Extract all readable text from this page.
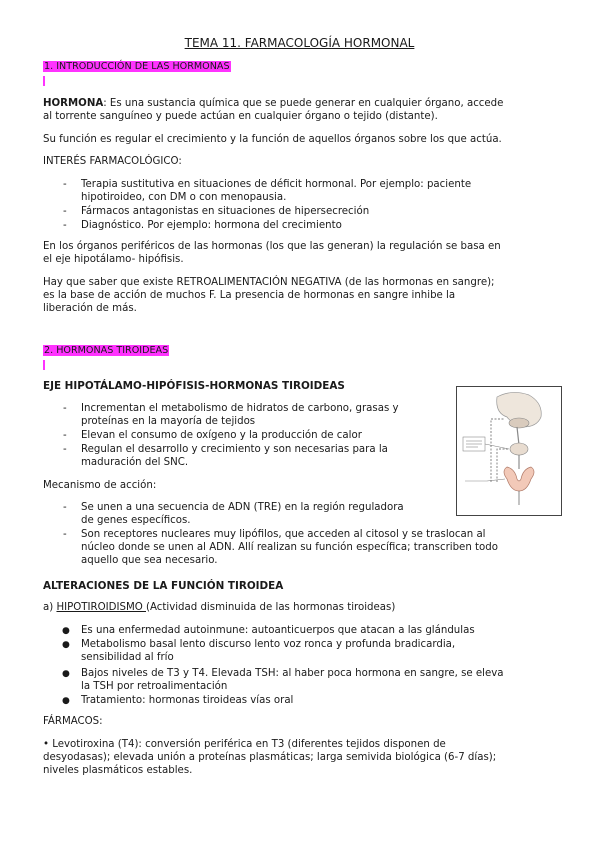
TEMA 11. FARMACOLOGÍA HORMONAL
1. INTRODUCCIÓN DE LAS HORMONAS
HORMONA: Es una sustancia química que se puede generar en cualquier órgano, accede
al torrente sanguíneo y puede actúan en cualquier órgano o tejido (distante).
Su función es regular el crecimiento y la función de aquellos órganos sobre los que actúa.
INTERÉS FARMACOLÓGICO:
- Terapia sustitutiva en situaciones de déficit hormonal. Por ejemplo: paciente
hipotiroideo, con DM o con menopausia.
- Fármacos antagonistas en situaciones de hipersecreción
- Diagnóstico. Por ejemplo: hormona del crecimiento
En los órganos periféricos de las hormonas (los que las generan) la regulación se basa en
el eje hipotálamo- hipófisis.
Hay que saber que existe RETROALIMENTACIÓN NEGATIVA (de las hormonas en sangre);
es la base de acción de muchos F. La presencia de hormonas en sangre inhibe la
liberación de más.
2. HORMONAS TIROIDEAS
EJE HIPOTÁLAMO-HIPÓFISIS-HORMONAS TIROIDEAS
- Incrementan el metabolismo de hidratos de carbono, grasas y
proteínas en la mayoría de tejidos
- Elevan el consumo de oxígeno y la producción de calor
- Regulan el desarrollo y crecimiento y son necesarias para la
maduración del SNC.
Mecanismo de acción:
- Se unen a una secuencia de ADN (TRE) en la región reguladora
de genes específicos.
- Son receptores nucleares muy lipófilos, que acceden al citosol y se traslocan al
núcleo donde se unen al ADN. Allí realizan su función específica; transcriben todo
aquello que sea necesario.
ALTERACIONES DE LA FUNCIÓN TIROIDEA
a) HIPOTIROIDISMO (Actividad disminuida de las hormonas tiroideas)
● Es una enfermedad autoinmune: autoanticuerpos que atacan a las glándulas
● Metabolismo basal lento discurso lento voz ronca y profunda bradicardia,
sensibilidad al frío
● Bajos niveles de T3 y T4. Elevada TSH: al haber poca hormona en sangre, se eleva
la TSH por retroalimentación
● Tratamiento: hormonas tiroideas vías oral
FÁRMACOS:
• Levotiroxina (T4): conversión periférica en T3 (diferentes tejidos disponen de
desyodasas); elevada unión a proteínas plasmáticas; larga semivida biológica (6-7 días);
niveles plasmáticos estables.
